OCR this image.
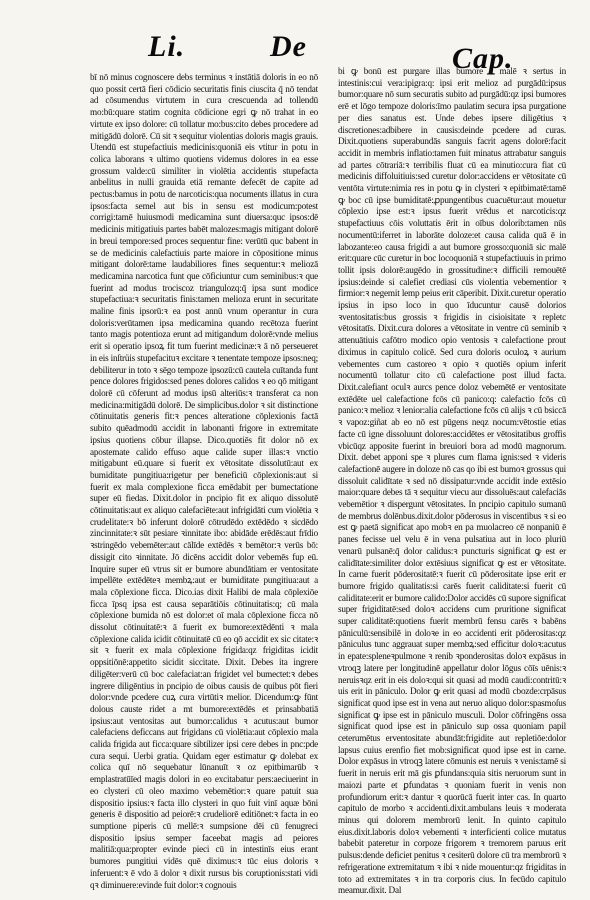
Li.	De	Cap.

bī nō minus cognoscere debs terminus ꝛ instātiā doloris in eo nō quo possit certā fieri cōdicio securitatis finis ciuscita q̄ nō tendat ad cōsumendus virtutem in cura crescuenda ad tollendū mo:bū:quare statim cognita cōdicione egri ꝙ nō trahat in eo virtute ex ipso dolore: cū tollatur mo:bus:cito debes procedere ad mitigādū dolorē. Cū sit ꝛ sequitur violentias doloris magis grauis. Utendū est stupefactiuis medicinis:quoniā eis vtitur in potu in colica laborans ꝛ ultimo quotiens videmus dolores in ea esse grossum valde:cū similiter in violētia accidentis stupefacta anbelitus in nulli grauida etiā remante defecēt de capite ad pectus:bamus in potu de narcoticis:qua nocuments illatus in cura ipsos:facta semel aut bis in sensu est modicum:potest corrigi:tamē huiusmodi medicamina sunt diuersa:quc ipsos:dē medicinis mitigatiuis partes babēt malozes:magis mitigant dolorē in breui tempore:sed proces sequentur fine: verūtū quc babent in se de medicinis calefactiuis parte maiore in cōpositione minus mitigant dolorē:tame laudabiliores fines sequentur:ꝛ meliozā medicamina narcotica funt que cōficiuntur cum seminibus:ꝛ que fuerint ad modus trociscoz triangulozq:q̄ ipsa sunt modice stupefactiua:ꝛ securitatis finis:tamen melioza erunt in securitate maline finis ipsorū:ꝛ ea post annū vnum operantur in cura doloris:verūtamen ipsa medicamina quando recētoza fuerint tanto magis potentioza erunt ad mitigandum dolorē:vnde melius erit si operatio ipsoꝝ fit tum fuerint medicinæ:ꝛ ā nō perseueret in eis inſtrüis stupefacituꝛ excitare ꝛ tenentate tempoze ipsos:neq; debiliterur in toto ꝛ sēgo tempoze ipsozū:cū cautela cuītanda funt pence dolores frigidos:sed penes dolores calidos ꝛ eo qō mitigant dolorē cū cōferunt ad modus ipsū alteriūs:ꝛ transferat ca non medicina:mitigādū dolorē. De simplicibus.dolor ꝛ sit distinctione cōtinuitatis generis fit:ꝛ pences alteratione cōplexionis factā subito quēadmodū accidit in labonanti frigore in extremitate ipsius quotiens cōbur illapse. Dico.quotiēs fit dolor nō ex apostemate calido effuso aque calide super illas:ꝛ vnctio mitigabunt eū.quare si fuerit ex vētositate dissolutū:aut ex bumiditate pungitiua:rigetur per beneficiū cōplexionis:aut si fuerit ex mala complexione ficca emēdabit per bumectatione super eū fiedas. Dixit.dolor in pncipio fit ex aliquo dissolutē cōtinuitatis:aut ex aliquo calefaciēte:aut infrigidāti cum violētia ꝛ crudelitate:ꝛ bō inferunt dolorē cōtrudēdo extēdēdo ꝛ sicdēdo zincinnitate:ꝛ sūt pesiare ꝛinnitate ibo: abidāde erēdēs:aut frīdio ꝛstringēdo vebemēter:aut cālīde extēdēs ꝛ bemētor:ꝛ verūs bō: dissigit cito ꝛinnitate. Jō dicēns accidit dolor vebemēs fup eū. Inquire super eū vtrus sit er bumore abundātiam er ventositate impellēte extēdēteꝛ membꝝ:aut er bumiditate pungitiua:aut a mala cōplexione ficca. Dico.ias dixit Halibi de mala cōplexiōe ficca īpsq ipsa est causa separātiōis cōtinuitatis:q; cū mala cōplexione bumida nō est dolor:et oī mala cōplexione ficca nō dissolut cōtinuitatē:ꝛ ā fuerit ex bumore:extēdēnti ꝛ mala cōplexione calida icidit cōtinuitatē cū eo qō accidit ex sic citate:ꝛ sit ꝛ fuerit ex mala cōplexione frigida:qz frigiditas icidit oppsitiōnē:appetito sicidit siccitate. Dixit. Debes ita ingrere diligēter:verū cū boc calefaciat:an frigidet vel bumectet:ꝛ debes ingrere diligēntius in pncipio de oibus causis de quibus pōt fieri dolor:vnde pcedere cuꝝ cura virtūtiꝛ melior. Dicendum:ꝙ fūnt dolous causte ridet a mt bumore:extēdēs et prinsabbatiā ipsius:aut ventositas aut bumor:calidus ꝛ acutus:aut bumor calefaciens deficcans aut frigidans cū violētia:aut cōplexio mala calida frigida aut ficca:quare sibtilizer ipsi cere debes in pnc:pde cura sequi. Uerbi gratia. Quidam eger estimatur ꝙ dolebat ex colica quī nō sequebatur lūnanuīt ꝛ oz epitbimarūb ꝛ emplastratūīed magis dolori in eo excitabatur pers:aeciuerint in eo clysteri cū oleo maximo vebemētior:ꝛ quare patuit sua dispositio ipsius:ꝛ facta illo clysteri in quo fuit vinī aquæ bōni generis ē dispositio ad peiorē:ꝛ crudeliorē editiōnet:ꝛ facta in eo sumptione piperis cū mellē:ꝛ sumpsione dēi cū fenugreci dispositio ipsius semper faceebat magis ad peiores malitiā:qua:propter evinde pieci cū in intestinīs eius erant bumores pungitiui vidēs quē diximus:ꝛ tūc eius doloris ꝛ inferuent:ꝛ ē vdo ā dolor ꝛ dixit rursus bis coruptionis:stati vidi qꝛ diminuere:evinde fuit dolor:ꝛ cognouis

bi ꝙ bonū est purgare illas bumore ꝛ malē ꝛ sertus in intestinis:cui vera:ipigra:q: ipsi erit melioz ad purgādū:ipsus bumor:quare nō sum securatis subito ad purgādū:qz ipsi bumores erē et lōgo tempoze doloris:īmo paulatim secura ipsa purgatione per dies sanatus est. Unde debes ipsere diligētius ꝛ discretiones:adbibere in causis:deinde pcedere ad curas. Dixit.quotiens superabundās sanguis facrit agens dolorē:facit accidit in membris inflatio:tamen fuit minatus attrabatur sanguis ad partes cōtrariā:ꝛ terribilis fluat cū ea minutio:cura fiat cū medicinis diffoluitiuis:sed curetur dolor:accidens er vētositate cū ventōta virtute:nimia res in potu ꝙ in clysteri ꝛ epitbimatē:tamē ꝙ boc cū ipse bumiditatē:ꝓpungentibus cuacuētur:aut mouetur cōplexio ipse est:ꝛ ipsus fuerit vrēdus et narcoticis:qz stupefactiuus cōis voluttatis ērit in oībus dolorib:tamen nūs nocumentū:iferret in laborāte doloze:et causa calida quā ē in labozante:eo causa frigidi a aut bumore grosso:quoniā sic malē erit:quare cūc curetur in boc locoquoniā ꝛ stupefactiuuis in primo tollit ipsis dolorē:augēdo in grossitudine:ꝛ difficili remouētē ipsius:deinde si calefiet crediasi cūs violentia vebementior ꝛ firmior:ꝛ negemit lemp peius erit cāperibit. Dixit.curetur operatio ipsius in ipso loco in quo īducuntur causē dolorios ꝛventositatis:bus grossis ꝛ frigidis in cisioisitate ꝛ repletc vētositatīs. Dixit.cura dolores a vētositate in ventre cū seminib ꝛ attenuātiuis cafōtro modico opio ventosis ꝛ calefactione prout diximus in capitulo colicē. Sed cura doloris oculoꝝ ꝛ aurium vebementes cum castoreo ꝛ opio ꝛ quotiēs opium inferit nocumentū tollatur cito cū calefactione post illud facta. Dixit.calefiant oculꝛ aurcs pence doloz vebemētē er ventositate extēdēte uel calefactione fcōs cū panico:q: calefactio fcōs cū panico:ꝛ melioz ꝛ lenior:alia calefactione fcōs cū alijs ꝛ cū bsiccā ꝛ vapoz:giñat ab eo nō est pūgens neqz nocum:vētostie etias facte cū igne dissoluunt dolores:accidētes er vētositatibus groffis vbicūqz apposite fuerint in breuiori bora ad modū magnorum. Dixit. debet apponi spe ꝛ plures cum flama ignis:sed ꝛ videris calefactionē augere in doloze nō cas qo ibi est bumoꝛ grossus qui dissoluit calidītate ꝛ sed nō dissipatur:vnde accidit inde extēsio maior:quare debes tā ꝛ sequitur viecu aur dissoluēs:aut calefaciās vebemētior ꝛ dispergunt vētositates. In pncipio capitulo sumanū de membrus dolēnbus.dixit.dolor pōderosus in viscentibus ꝛ si eo est ꝙ paetā significat apo mobꝛ en pa muolacreo cē nonpaniū ē panes fecisse uel velu ē in vena pulsatiua aut in loco pluriū venarū pulsanē:q̄ dolor calidus:ꝛ puncturis significat ꝙ est er calidītate:similiter dolor extēsiuus significat ꝙ est er vētositate. In carne fuerit pōderositatē:ꝛ fuerit cū pōderositate ipse erit er bumore frigido qualitatis:si carēs fuerit caliditate:si fuerit cū caliditate:erit er bumore calido:Dolor accidēs cū supore significat super frigiditatē:sed doloꝛ accidens cum pruritione significat super caliditatē:quotiens fuerit membrū fensu carēs ꝛ babēns pāniculū:sensibilē in doloꝛe in eo accidenti erit pōderositas:qz pāniculus tunc aggrauat super membꝝ:sed efficitur doloꝛ:acutus in epate:spleneꝛpulmone ꝛ renib ꝛponderositas doloꝛ expāsus in vtroqꝫ latere per longitudinē appellatur dolor lōgus cōīs uēnis:ꝛ neruisꝛqz erit in eis doloꝛ:qui sit quasi ad modū caudi:contritū:ꝛ uis erit in pāniculo. Dolor ꝙ erit quasi ad modū cbozde:crpāsus significat quod ipse est in vena aut neruo aliquo dolor:spasmoſus significat ꝙ ipse est in pāniculo musculi. Dolor cōfringēns ossa significat quod ipse est in pāniculo sup ossa quoniam papil ceterumētus erventositate abundāt:frigidite aut repletiōe:dolor lapsus cuius erenfio fiet mob:significat quod ipse est in carne. Dolor expāsus in vtroqꝫ latere cōmunis est neruis ꝛ venis:tamē si fuerit in neruis erit mā gis ꝑfundans:quia sitis neruorum sunt in maiozi parte et ꝑfundatas ꝛ quoniam fuerit in venis non profundiorum erit:ꝛ dantur ꝛ quorūcā fuerit inter cas. In quarto capitulo de morbo ꝛ accidenti.dixit.ambulans leuis ꝛ moderata minus qui dolorem membrorū lenit. In quinto capitulo eius.dixit.laboris doloꝛ vebementi ꝛ interficienti colice mutatus babebit pateretur in corpoze frigorem ꝛ tremorem paruus erit pulsus:dende deficiet penitus ꝛ cesiterū dolore cū tra membrorū ꝛ refrigeratione extremitatum ꝛ ibi ꝛ nide mouentur:qz frigiditas in toto ad extremitates ꝛ in tra corporis cius. In fecūdo capitulo meamur.dixit. Dal
